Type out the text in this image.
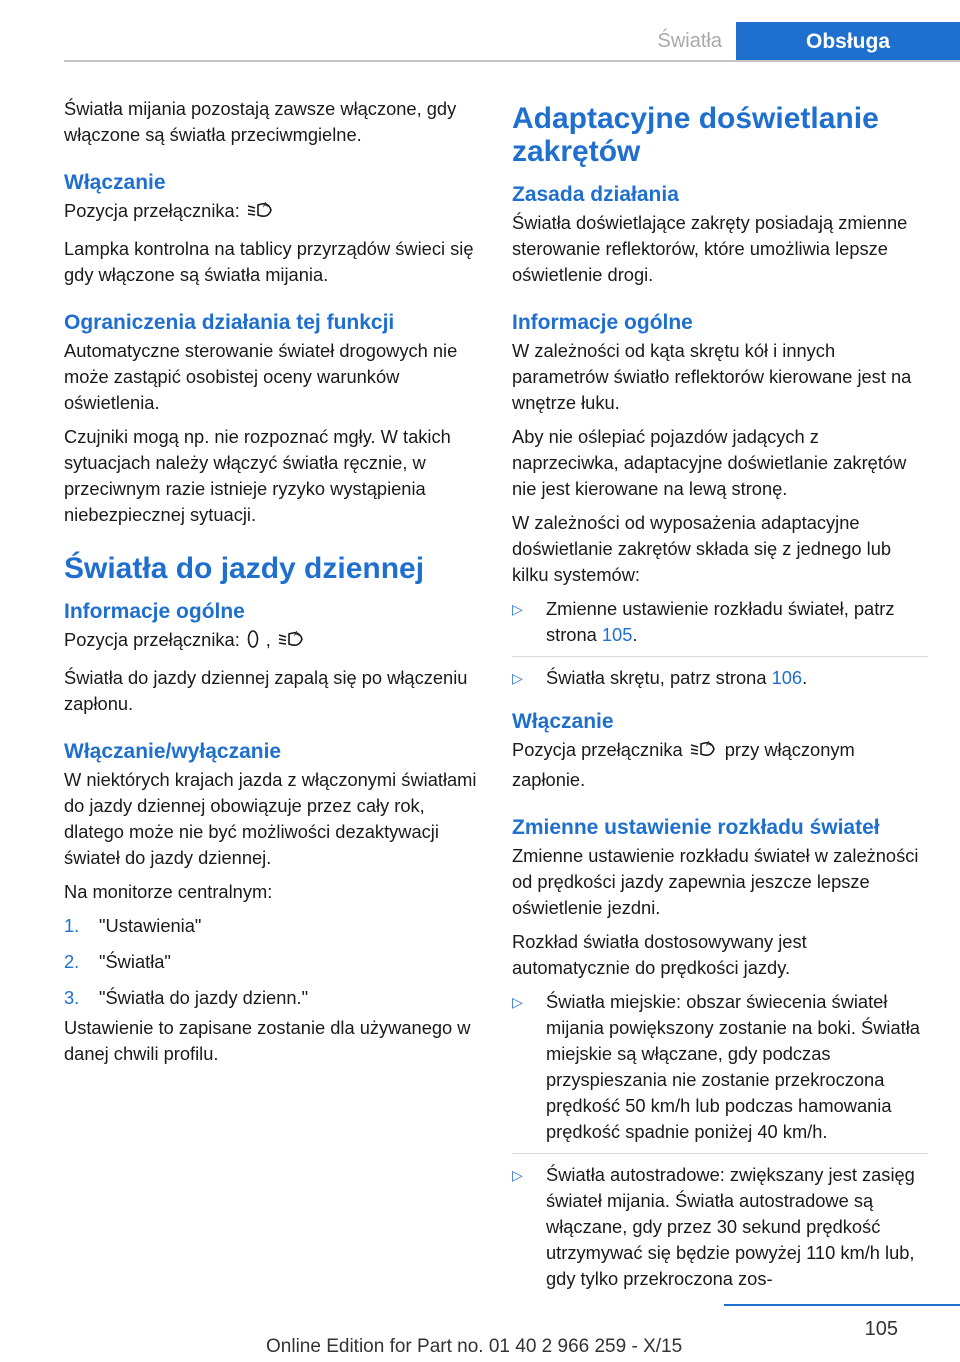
Światła	Obsługa

Światła mijania pozostają zawsze włączone, gdy włączone są światła przeciwmgielne.

Włączanie

Pozycja przełącznika:	A

Lampka kontrolna na tablicy przyrządów świeci się gdy włączone są światła mijania.

Ograniczenia działania tej funkcji

Automatyczne sterowanie świateł drogowych nie może zastąpić osobistej oceny warunków oświetlenia.

Czujniki mogą np. nie rozpoznać mgły. W takich sytuacjach należy włączyć światła ręcznie, w przeciwnym razie istnieje ryzyko wystąpienia niebezpiecznej sytuacji.

Światła do jazdy dziennej
Informacje ogólne

Pozycja przełącznika: ,	A

Światła do jazdy dziennej zapalą się po włączeniu zapłonu.

Włączanie/wyłączanie

W niektórych krajach jazda z włączonymi światłami do jazdy dziennej obowiązuje przez cały rok, dlatego może nie być możliwości dezaktywacji świateł do jazdy dziennej.

Na monitorze centralnym:

1. "Ustawienia"
2. "Światła"
3. "Światła do jazdy dzienn."

Ustawienie to zapisane zostanie dla używanego w danej chwili profilu.

Adaptacyjne doświetlanie zakrętów
Zasada działania

Światła doświetlające zakręty posiadają zmienne sterowanie reflektorów, które umożliwia lepsze oświetlenie drogi.

Informacje ogólne

W zależności od kąta skrętu kół i innych parametrów światło reflektorów kierowane jest na wnętrze łuku.

Aby nie oślepiać pojazdów jadących z naprzeciwka, adaptacyjne doświetlanie zakrętów nie jest kierowane na lewą stronę.

W zależności od wyposażenia adaptacyjne doświetlanie zakrętów składa się z jednego lub kilku systemów:

▷ Zmienne ustawienie rozkładu świateł, patrz strona 105.
▷ Światła skrętu, patrz strona 106.
Włączanie

Pozycja przełącznika	A przy włączonym zapłonie.

Zmienne ustawienie rozkładu świateł

Zmienne ustawienie rozkładu świateł w zależności od prędkości jazdy zapewnia jeszcze lepsze oświetlenie jezdni.

Rozkład światła dostosowywany jest automatycznie do prędkości jazdy.

▷ Światła miejskie: obszar świecenia świateł mijania powiększony zostanie na boki. Światła miejskie są włączane, gdy podczas przyspieszania nie zostanie przekroczona prędkość 50 km/h lub podczas hamowania prędkość spadnie poniżej 40 km/h.
▷ Światła autostradowe: zwiększany jest zasięg świateł mijania. Światła autostradowe są włączane, gdy przez 30 sekund prędkość utrzymywać się będzie powyżej 110 km/h lub, gdy tylko przekroczona zos-
105
Online Edition for Part no. 01 40 2 966 259 - X/15
